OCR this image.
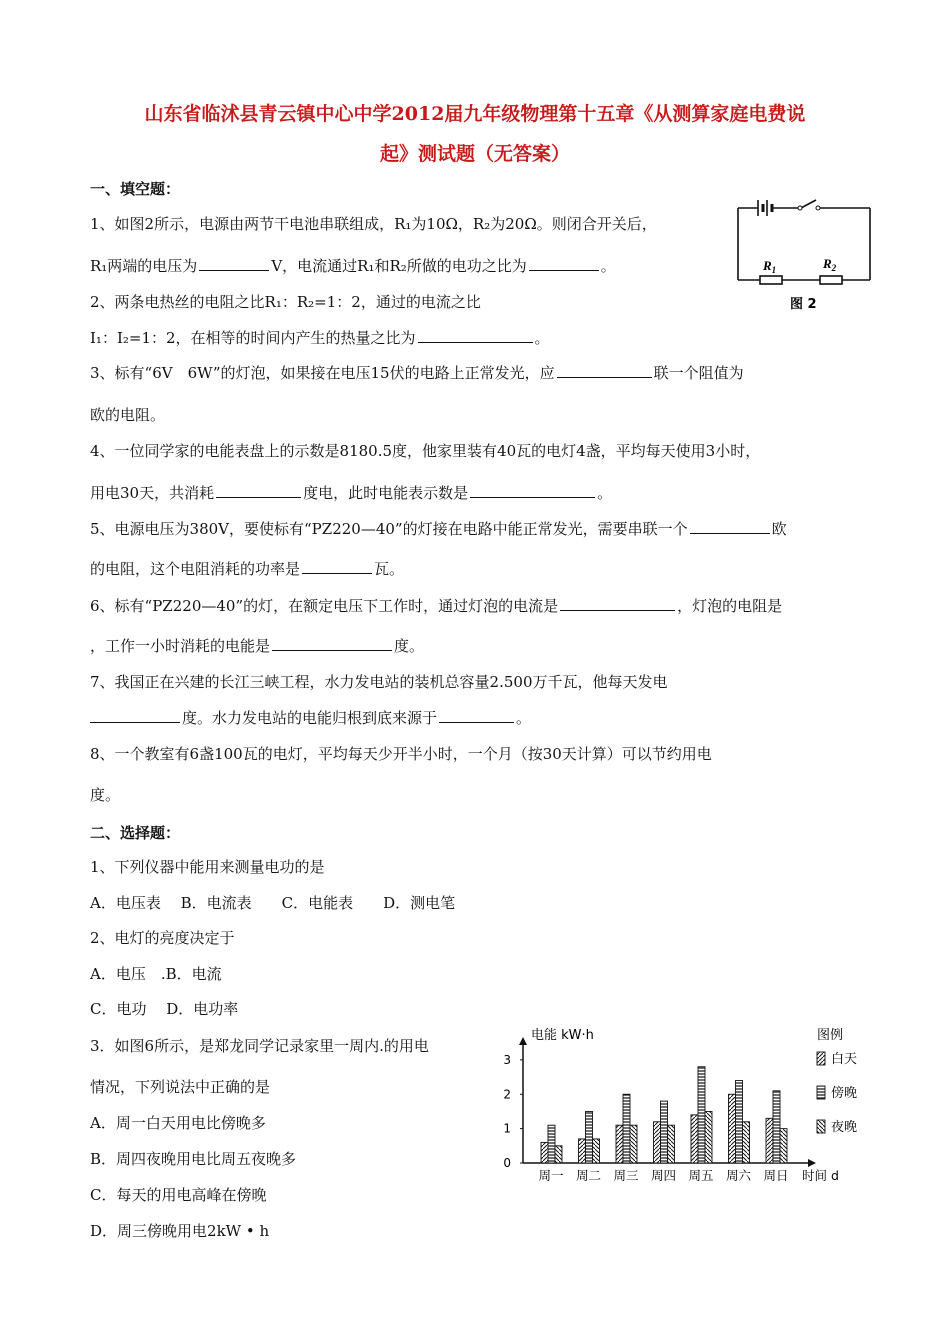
山东省临沭县青云镇中心中学2012届九年级物理第十五章《从测算家庭电费说
起》测试题（无答案）
一、填空题：
1、如图2所示，电源由两节干电池串联组成，R₁为10Ω，R₂为20Ω。则闭合开关后，
R₁两端的电压为	V，电流通过R₁和R₂所做的电功之比为	。
2、两条电热丝的电阻之比R₁：R₂=1：2，通过的电流之比
I₁：I₂=1：2，在相等的时间内产生的热量之比为	。
3、标有“6V　6W”的灯泡，如果接在电压15伏的电路上正常发光，应	联一个阻值为
欧的电阻。
4、一位同学家的电能表盘上的示数是8180.5度，他家里装有40瓦的电灯4盏，平均每天使用3小时，
用电30天，共消耗	度电，此时电能表示数是	。
5、电源电压为380V，要使标有“PZ220—40”的灯接在电路中能正常发光，需要串联一个	欧
的电阻，这个电阻消耗的功率是	瓦。
6、标有“PZ220—40”的灯，在额定电压下工作时，通过灯泡的电流是	，灯泡的电阻是
，工作一小时消耗的电能是	度。
7、我国正在兴建的长江三峡工程，水力发电站的装机总容量2.500万千瓦，他每天发电
度。水力发电站的电能归根到底来源于	。
8、一个教室有6盏100瓦的电灯，平均每天少开半小时，一个月（按30天计算）可以节约用电
度。
二、选择题：
1、下列仪器中能用来测量电功的是
A．电压表　 B．电流表　　C．电能表　　D．测电笔
2、电灯的亮度决定于
A．电压　.B．电流
C．电功　 D．电功率
3．如图6所示，是郑龙同学记录家里一周内.的用电
情况，下列说法中正确的是
A．周一白天用电比傍晚多
B．周四夜晚用电比周五夜晚多
C．每天的用电高峰在傍晚
D．周三傍晚用电2kW • h
$R_1$	$R_2$
图 2
电能 kW·h
0
1
2
3
周一 周二 周三 周四 周五 周六 周日 时间 d
图例
白天
傍晚
夜晚
